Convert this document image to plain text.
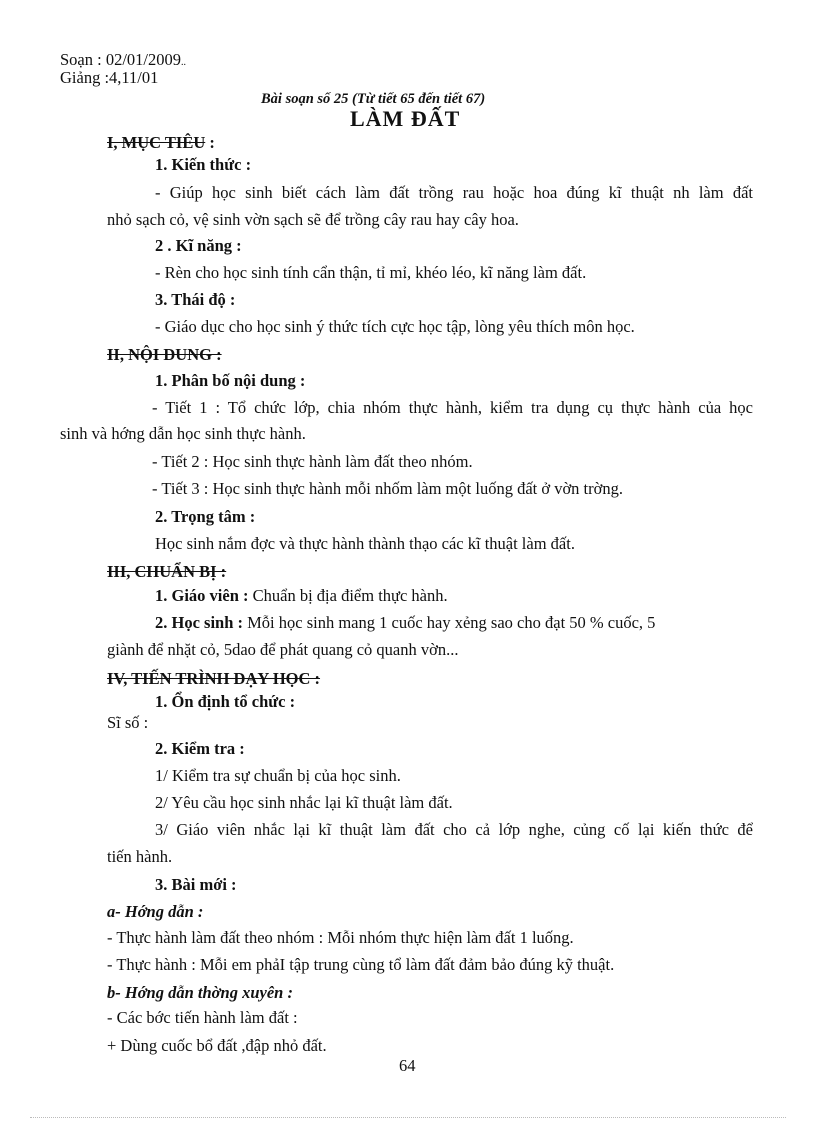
Soạn : 02/01/2009..
Giảng :4,11/01
Bài soạn số 25 (Từ tiết 65 đến tiết 67)
LÀM ĐẤT
I, MỤC TIÊU :
1. Kiến thức :
- Giúp học sinh biết cách làm đất trồng rau hoặc hoa đúng kĩ thuật nh làm đất
nhỏ sạch cỏ, vệ sinh vờn sạch sẽ để trồng cây rau hay cây hoa.
2 . Kĩ năng :
- Rèn cho học sinh tính cẩn thận, tỉ mỉ, khéo léo, kĩ năng làm đất.
3. Thái độ :
- Giáo dục cho học sinh ý thức tích cực học tập, lòng yêu thích môn học.
II, NỘI DUNG :
1. Phân bố nội dung :
- Tiết 1 : Tổ chức lớp, chia nhóm thực hành, kiểm tra dụng cụ thực hành của học
sinh và hớng dẫn học sinh thực hành.
- Tiết 2 : Học sinh thực hành làm đất theo nhóm.
- Tiết 3 : Học sinh thực hành mỗi nhốm làm một luống đất ở vờn trờng.
2. Trọng tâm :
Học sinh nắm đợc và thực hành thành thạo các kĩ thuật làm đất.
III, CHUẨN BỊ :
1. Giáo viên : Chuẩn bị địa điểm thực hành.
2. Học sinh : Mỗi học sinh mang 1 cuốc hay xẻng sao cho đạt 50 % cuốc, 5
giành để nhặt cỏ, 5dao để phát quang cỏ quanh vờn...
IV, TIẾN TRÌNH DẠY HỌC :
1. Ổn định tổ chức :
Sĩ số :
2. Kiểm tra :
1/ Kiểm tra sự chuẩn bị của học sinh.
2/ Yêu cầu học sinh nhắc lại kĩ thuật làm đất.
3/ Giáo viên nhắc lại kĩ thuật làm đất cho cả lớp nghe, củng cố lại kiến thức để
tiến hành.
3. Bài mới :
a- Hớng dẫn :
- Thực hành làm đất theo nhóm : Mỗi nhóm thực hiện làm đất 1 luống.
- Thực hành : Mỗi em phảI tập trung cùng tổ làm đất đảm bảo đúng kỹ thuật.
b- Hớng dẫn thờng xuyên :
- Các bớc tiến hành làm đất :
+ Dùng cuốc bổ đất ,đập nhỏ đất.
64
